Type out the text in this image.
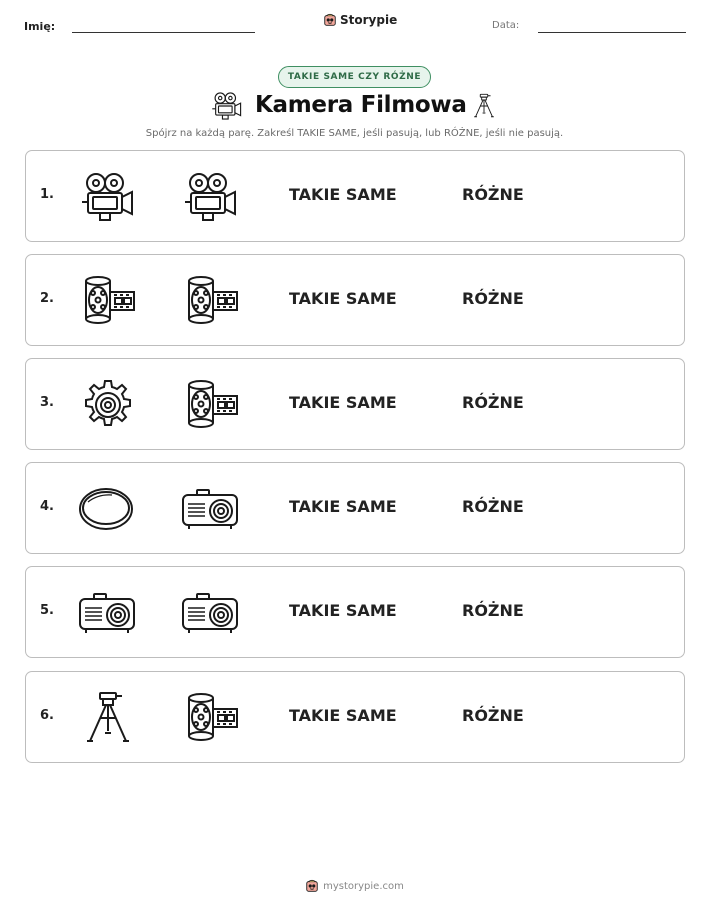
Imię:	Storypie	Data:
TAKIE SAME CZY RÓŻNE
Kamera Filmowa
Spójrz na każdą parę. Zakreśl TAKIE SAME, jeśli pasują, lub RÓŻNE, jeśli nie pasują.
1.	TAKIE SAME	RÓŻNE
2.	TAKIE SAME	RÓŻNE
3.	TAKIE SAME	RÓŻNE
4.	TAKIE SAME	RÓŻNE
5.	TAKIE SAME	RÓŻNE
6.	TAKIE SAME	RÓŻNE
mystorypie.com
